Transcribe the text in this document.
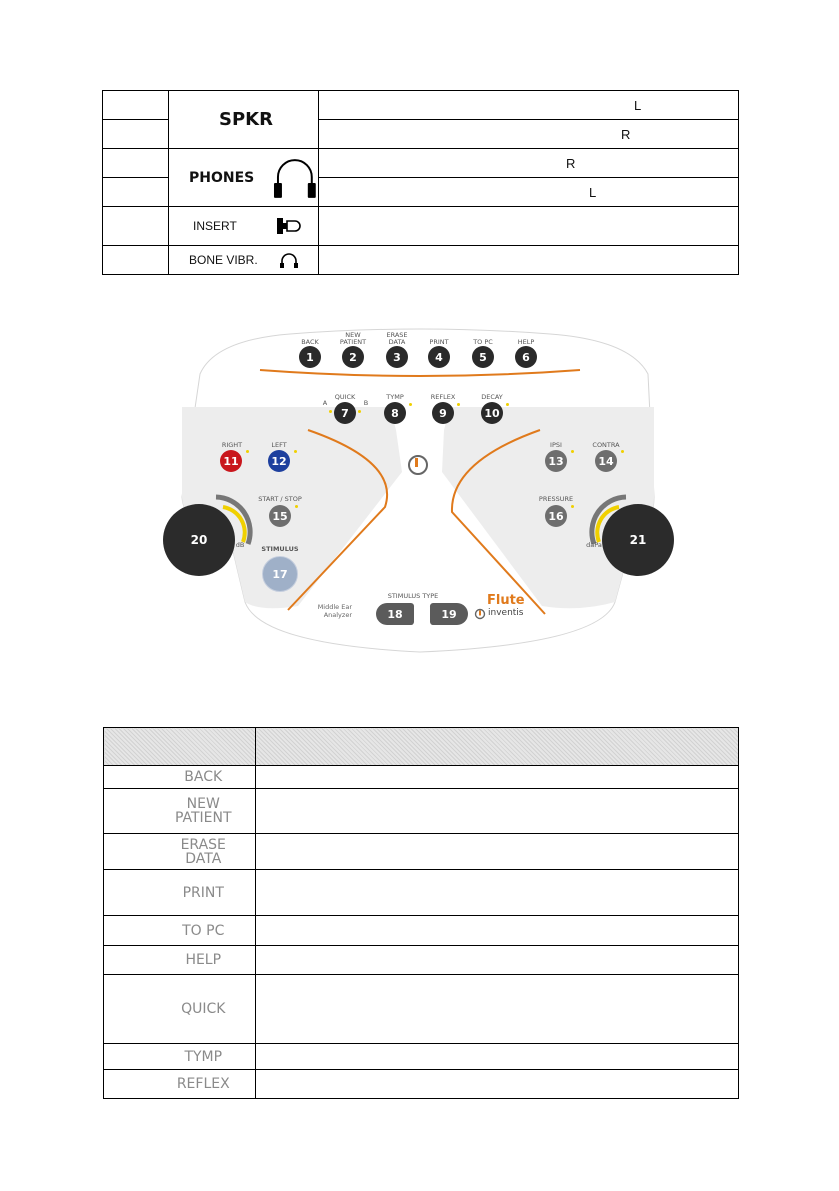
	SPKR	L
		R

	PHONES	R
		L
	INSERT	
	BONE VIBR.	
BACK
1
NEW
PATIENT
2
ERASE
DATA
3
PRINT
4
TO PC
5
HELP
6
QUICK
A	B
7
TYMP
8
REFLEX
9
DECAY
10
RIGHT
11
LEFT
12
START / STOP
15
STIMULUS
17
20	dB
IPSI
13
CONTRA
14
PRESSURE
16
21
daPa
STIMULUS TYPE
18	19
Middle Ear
Analyzer
Flute
inventis

	BACK	
	NEW
PATIENT	
	ERASE
DATA	
	PRINT	
	TO PC	
	HELP	
	QUICK	
	TYMP	
	REFLEX	
